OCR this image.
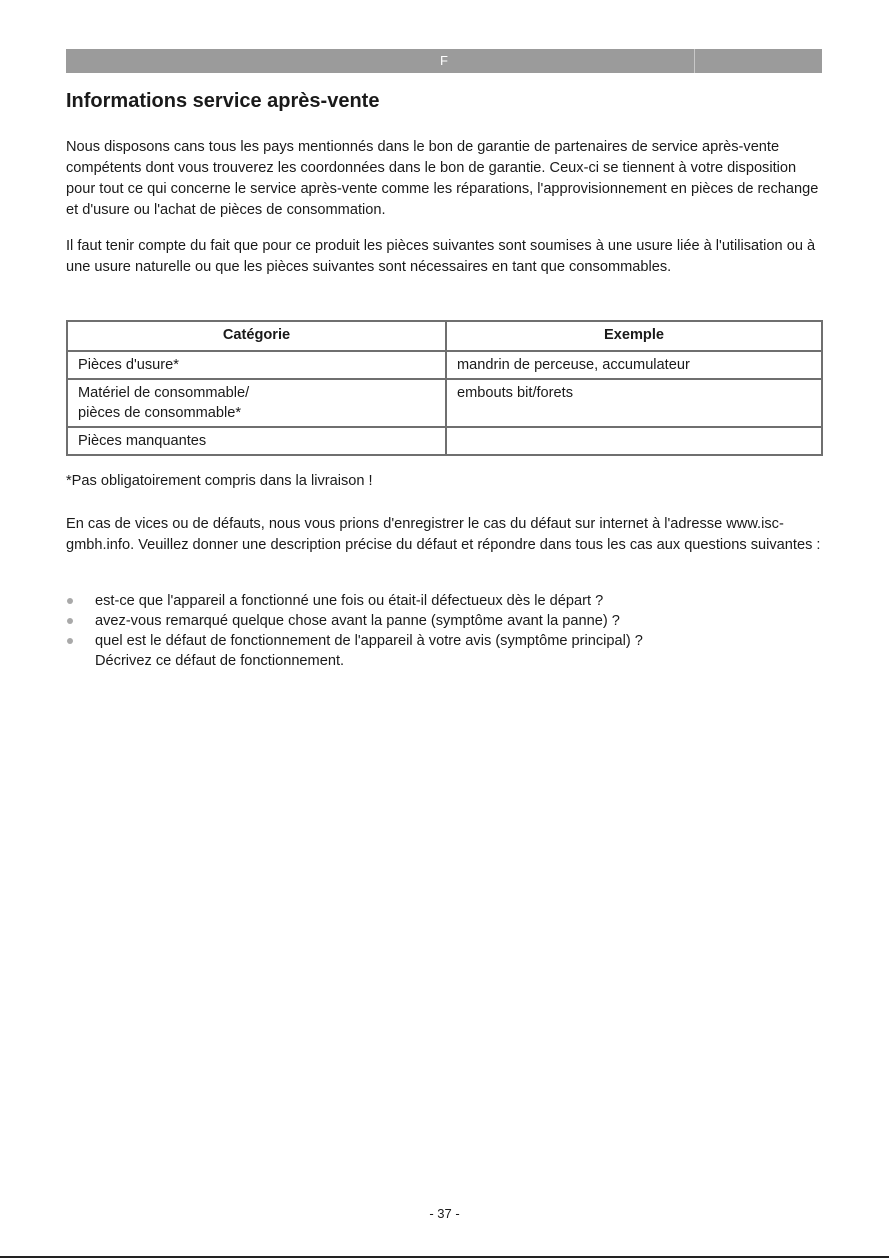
F
Informations service après-vente

Nous disposons cans tous les pays mentionnés dans le bon de garantie de partenaires de service après-vente compétents dont vous trouverez les coordonnées dans le bon de garantie. Ceux-ci se tiennent à votre disposition pour tout ce qui concerne le service après-vente comme les réparations, l'approvisionnement en pièces de rechange et d'usure ou l'achat de pièces de consommation.

Il faut tenir compte du fait que pour ce produit les pièces suivantes sont soumises à une usure liée à l'utilisation ou à une usure naturelle ou que les pièces suivantes sont nécessaires en tant que consommables.

Catégorie	Exemple
Pièces d'usure*	mandrin de perceuse, accumulateur

Matériel de consommable/
pièces de consommable*	embouts bit/forets
Pièces manquantes	

*Pas obligatoirement compris dans la livraison !

En cas de vices ou de défauts, nous vous prions d'enregistrer le cas du défaut sur internet à l'adresse www.isc-gmbh.info. Veuillez donner une description précise du défaut et répondre dans tous les cas aux questions suivantes :

est-ce que l'appareil a fonctionné une fois ou était-il défectueux dès le départ ?
avez-vous remarqué quelque chose avant la panne (symptôme avant la panne) ?
quel est le défaut de fonctionnement de l'appareil à votre avis (symptôme principal) ?
Décrivez ce défaut de fonctionnement.
- 37 -
